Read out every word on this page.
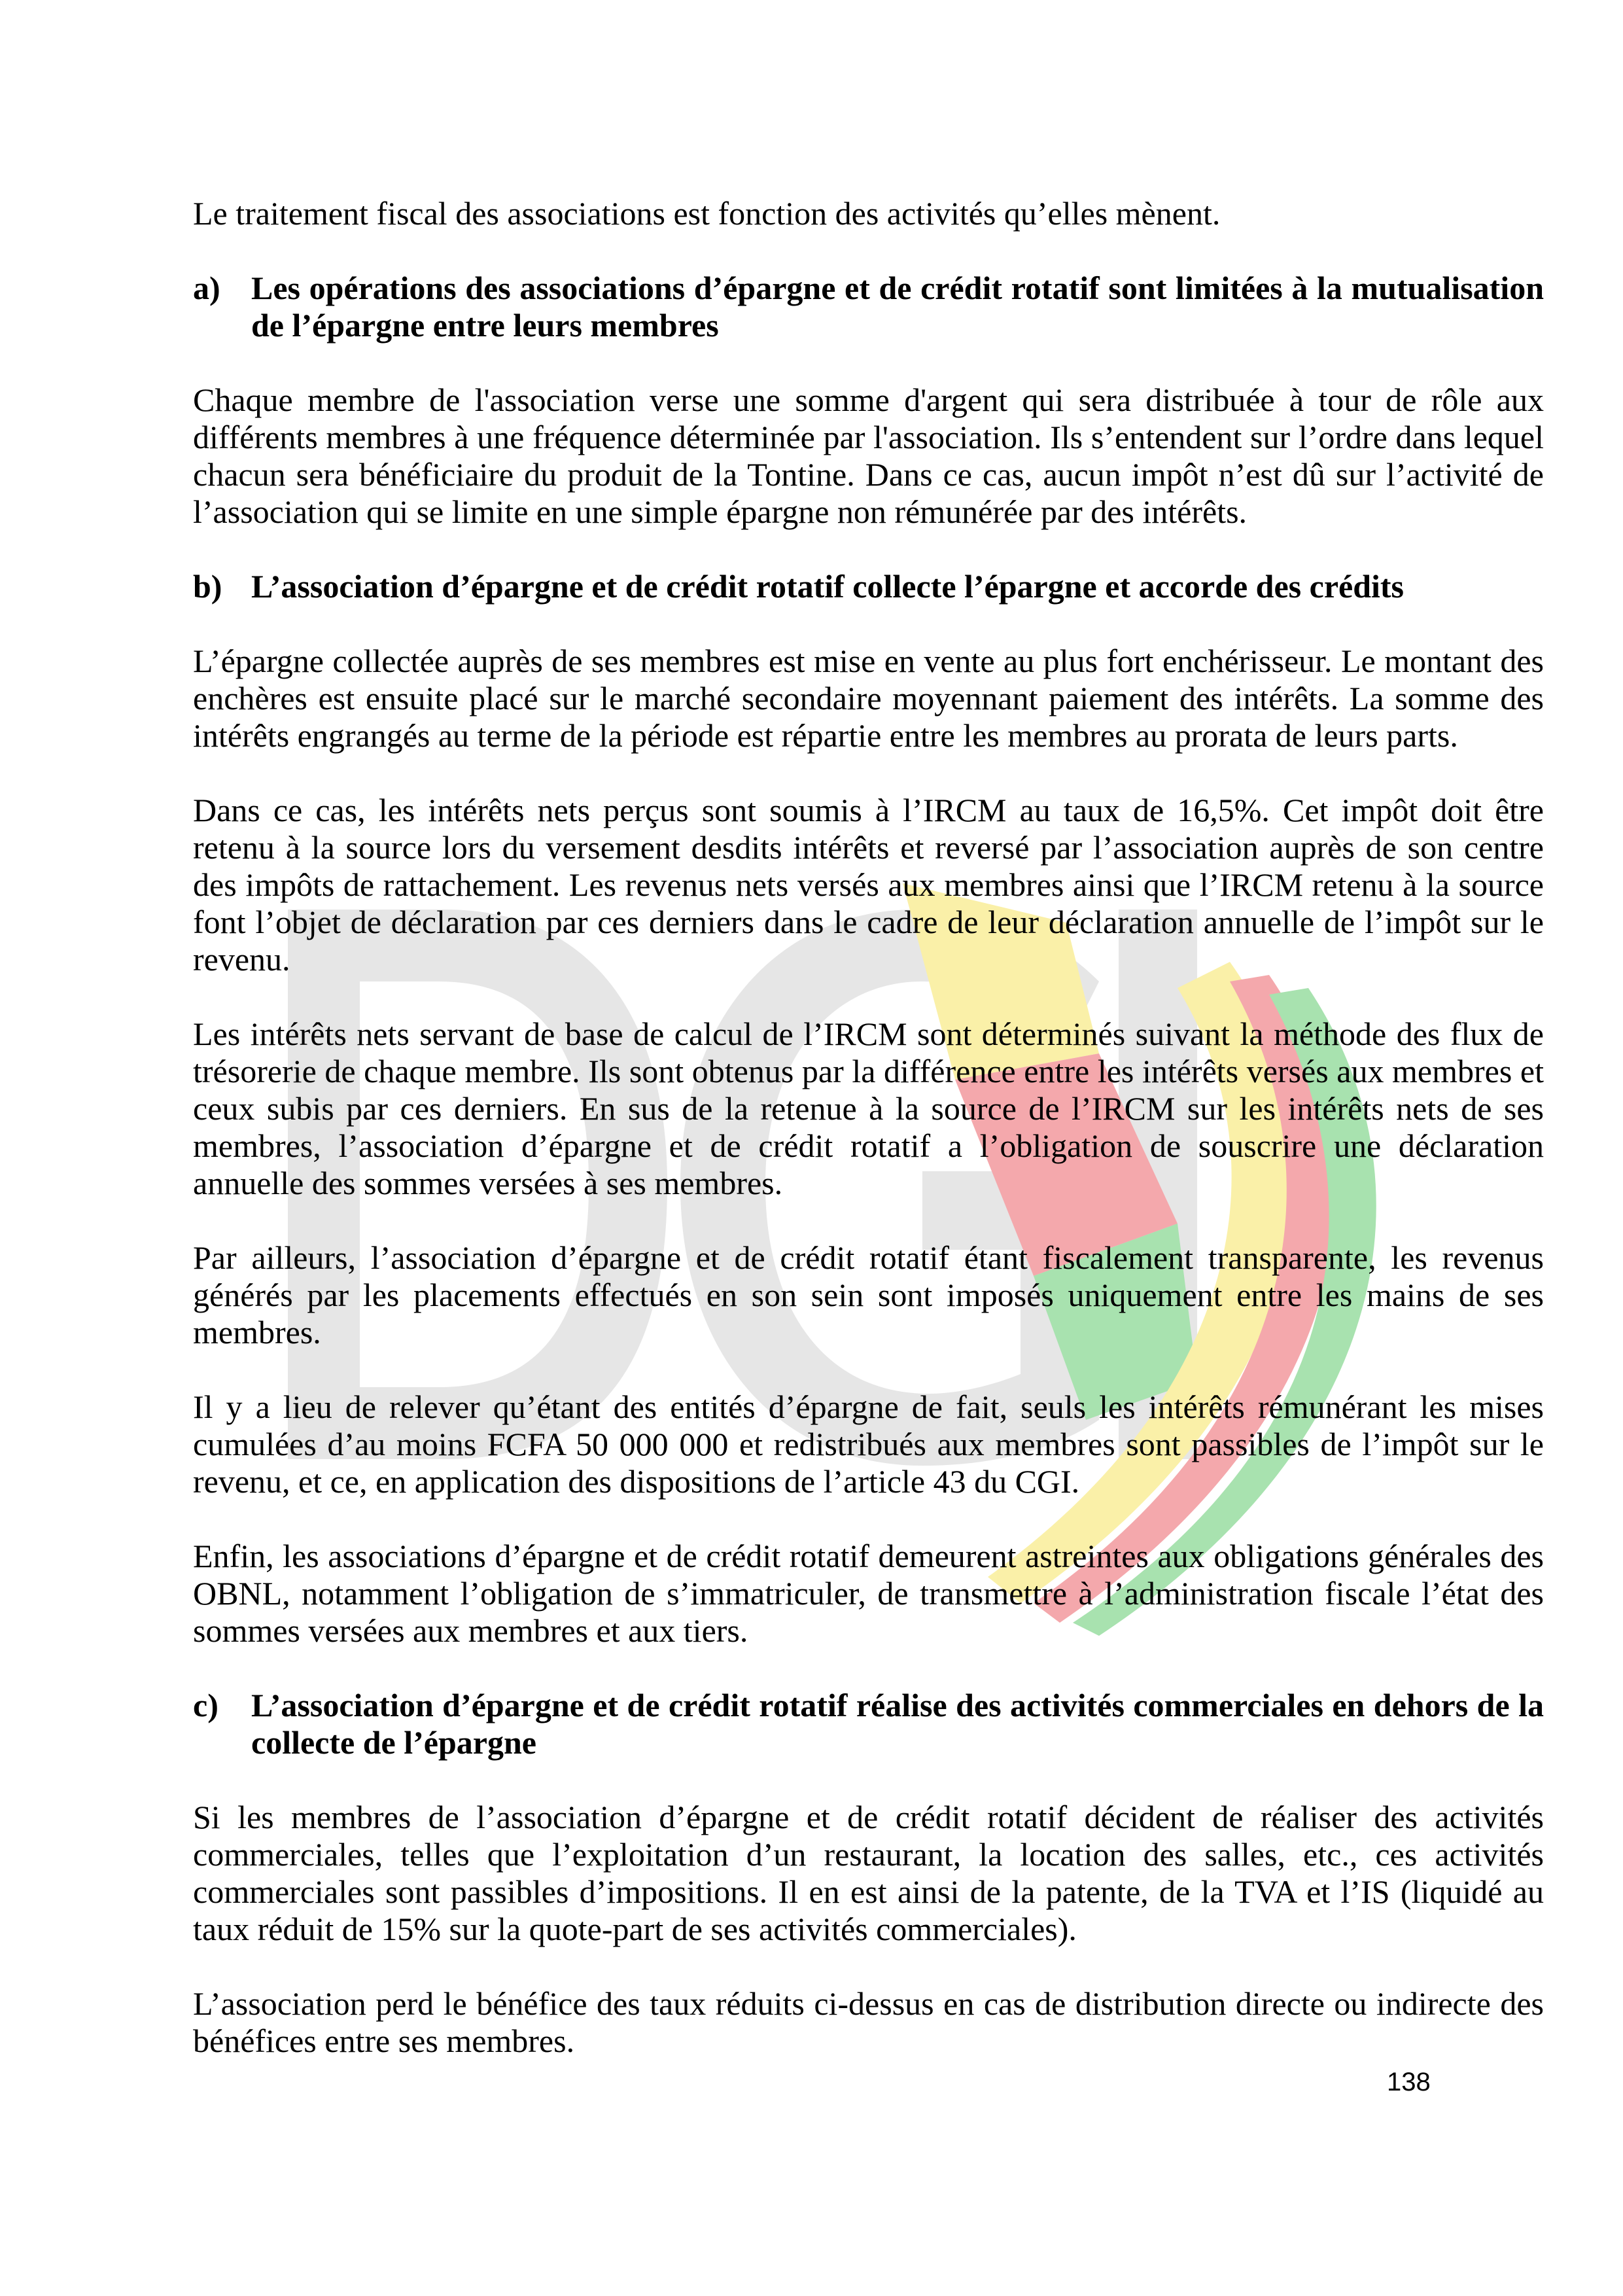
Le traitement fiscal des associations est fonction des activités qu’elles mènent.

a) Les opérations des associations d’épargne et de crédit rotatif sont limitées à la mutualisation de l’épargne entre leurs membres

Chaque membre de l'association verse une somme d'argent qui sera distribuée à tour de rôle aux différents membres à une fréquence déterminée par l'association. Ils s’entendent sur l’ordre dans lequel chacun sera bénéficiaire du produit de la Tontine. Dans ce cas, aucun impôt n’est dû sur l’activité de l’association qui se limite en une simple épargne non rémunérée par des intérêts.

b) L’association d’épargne et de crédit rotatif collecte l’épargne et accorde des crédits

L’épargne collectée auprès de ses membres est mise en vente au plus fort enchérisseur. Le montant des enchères est ensuite placé sur le marché secondaire moyennant paiement des intérêts. La somme des intérêts engrangés au terme de la période est répartie entre les membres au prorata de leurs parts.

Dans ce cas, les intérêts nets perçus sont soumis à l’IRCM au taux de 16,5%. Cet impôt doit être retenu à la source lors du versement desdits intérêts et reversé par l’association auprès de son centre des impôts de rattachement. Les revenus nets versés aux membres ainsi que l’IRCM retenu à la source font l’objet de déclaration par ces derniers dans le cadre de leur déclaration annuelle de l’impôt sur le revenu.

Les intérêts nets servant de base de calcul de l’IRCM sont déterminés suivant la méthode des flux de trésorerie de chaque membre. Ils sont obtenus par la différence entre les intérêts versés aux membres et ceux subis par ces derniers. En sus de la retenue à la source de l’IRCM sur les intérêts nets de ses membres, l’association d’épargne et de crédit rotatif a l’obligation de souscrire une déclaration annuelle des sommes versées à ses membres.

Par ailleurs, l’association d’épargne et de crédit rotatif étant fiscalement transparente, les revenus générés par les placements effectués en son sein sont imposés uniquement entre les mains de ses membres.

Il y a lieu de relever qu’étant des entités d’épargne de fait, seuls les intérêts rémunérant les mises cumulées d’au moins FCFA 50 000 000 et redistribués aux membres sont passibles de l’impôt sur le revenu, et ce, en application des dispositions de l’article 43 du CGI.

Enfin, les associations d’épargne et de crédit rotatif demeurent astreintes aux obligations générales des OBNL, notamment l’obligation de s’immatriculer, de transmettre à l’administration fiscale l’état des sommes versées aux membres et aux tiers.

c)	L’association d’épargne et de crédit rotatif réalise des activités commerciales en dehors de la collecte de l’épargne

Si les membres de l’association d’épargne et de crédit rotatif décident de réaliser des activités commerciales, telles que l’exploitation d’un restaurant, la location des salles, etc., ces activités commerciales sont passibles d’impositions. Il en est ainsi de la patente, de la TVA et l’IS (liquidé au taux réduit de 15% sur la quote-part de ses activités commerciales).

L’association perd le bénéfice des taux réduits ci-dessus en cas de distribution directe ou indirecte des bénéfices entre ses membres.

138
